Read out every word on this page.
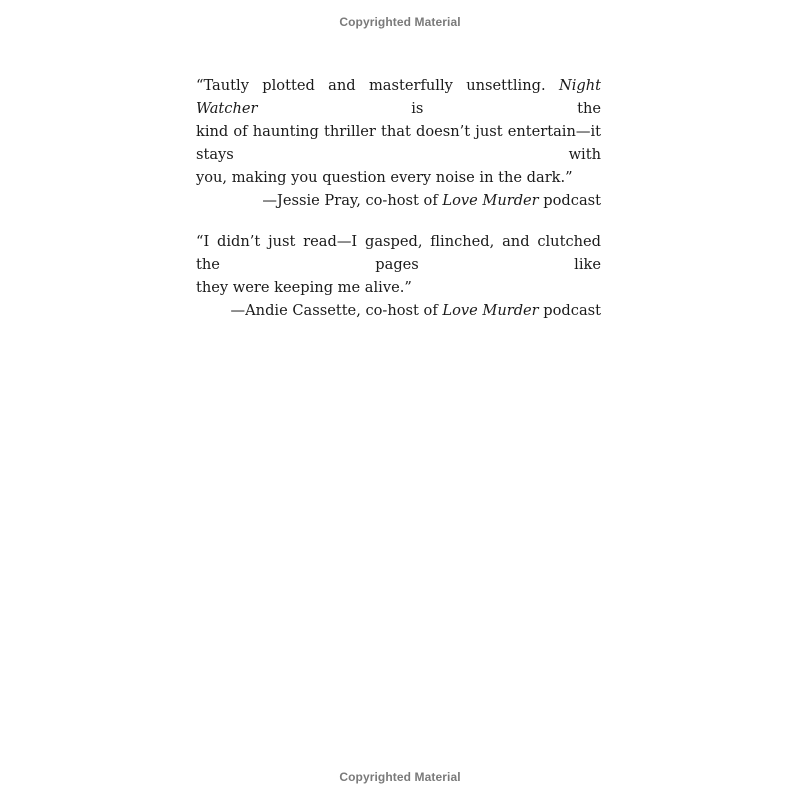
Copyrighted Material
“Tautly plotted and masterfully unsettling. Night Watcher is the
kind of haunting thriller that doesn’t just entertain—it stays with
you, making you question every noise in the dark.”
—Jessie Pray, co-host of Love Murder podcast
“I didn’t just read—I gasped, flinched, and clutched the pages like
they were keeping me alive.”
—Andie Cassette, co-host of Love Murder podcast
Copyrighted Material
